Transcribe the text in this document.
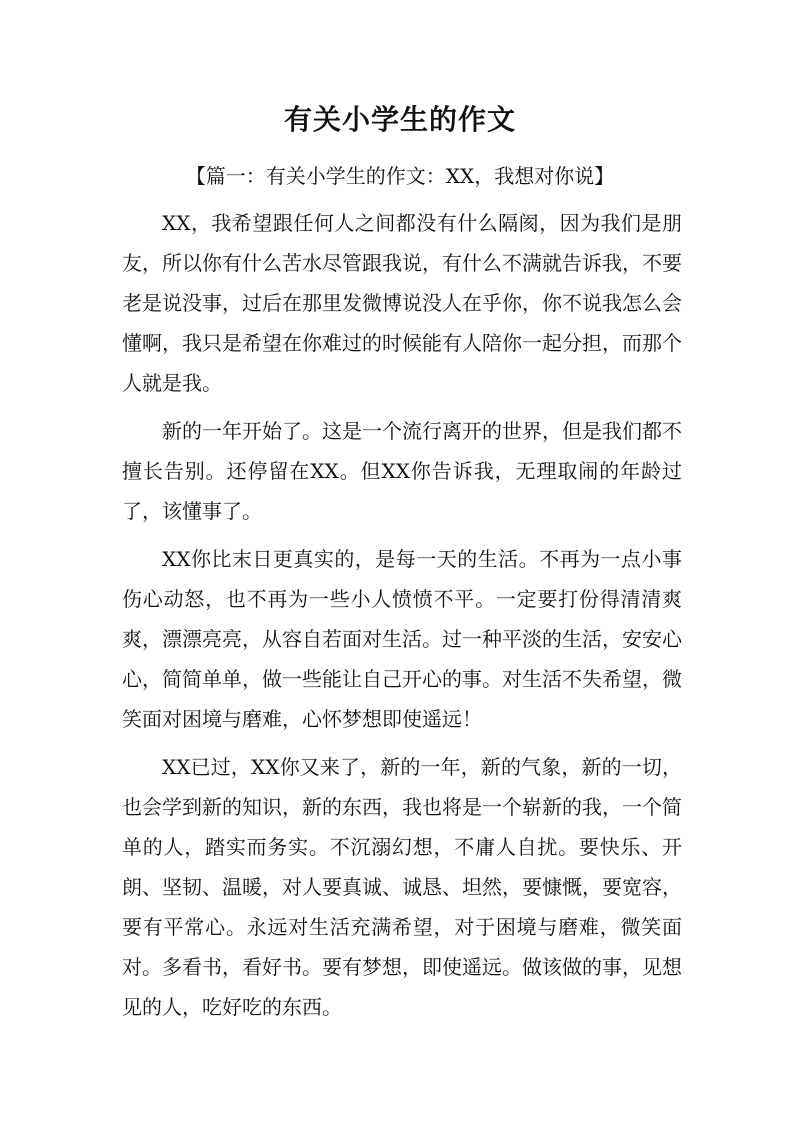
有关小学生的作文
【篇一：有关小学生的作文：XX，我想对你说】

XX，我希望跟任何人之间都没有什么隔阂，因为我们是朋友，所以你有什么苦水尽管跟我说，有什么不满就告诉我，不要老是说没事，过后在那里发微博说没人在乎你，你不说我怎么会懂啊，我只是希望在你难过的时候能有人陪你一起分担，而那个人就是我。

新的一年开始了。这是一个流行离开的世界，但是我们都不擅长告别。还停留在XX。但XX你告诉我，无理取闹的年龄过了，该懂事了。

XX你比末日更真实的，是每一天的生活。不再为一点小事伤心动怒，也不再为一些小人愤愤不平。一定要打份得清清爽爽，漂漂亮亮，从容自若面对生活。过一种平淡的生活，安安心心，简简单单，做一些能让自己开心的事。对生活不失希望，微笑面对困境与磨难，心怀梦想即使遥远！

XX已过，XX你又来了，新的一年，新的气象，新的一切，也会学到新的知识，新的东西，我也将是一个崭新的我，一个简单的人，踏实而务实。不沉溺幻想，不庸人自扰。要快乐、开朗、坚韧、温暖，对人要真诚、诚恳、坦然，要慷慨，要宽容，要有平常心。永远对生活充满希望，对于困境与磨难，微笑面对。多看书，看好书。要有梦想，即使遥远。做该做的事，见想见的人，吃好吃的东西。
